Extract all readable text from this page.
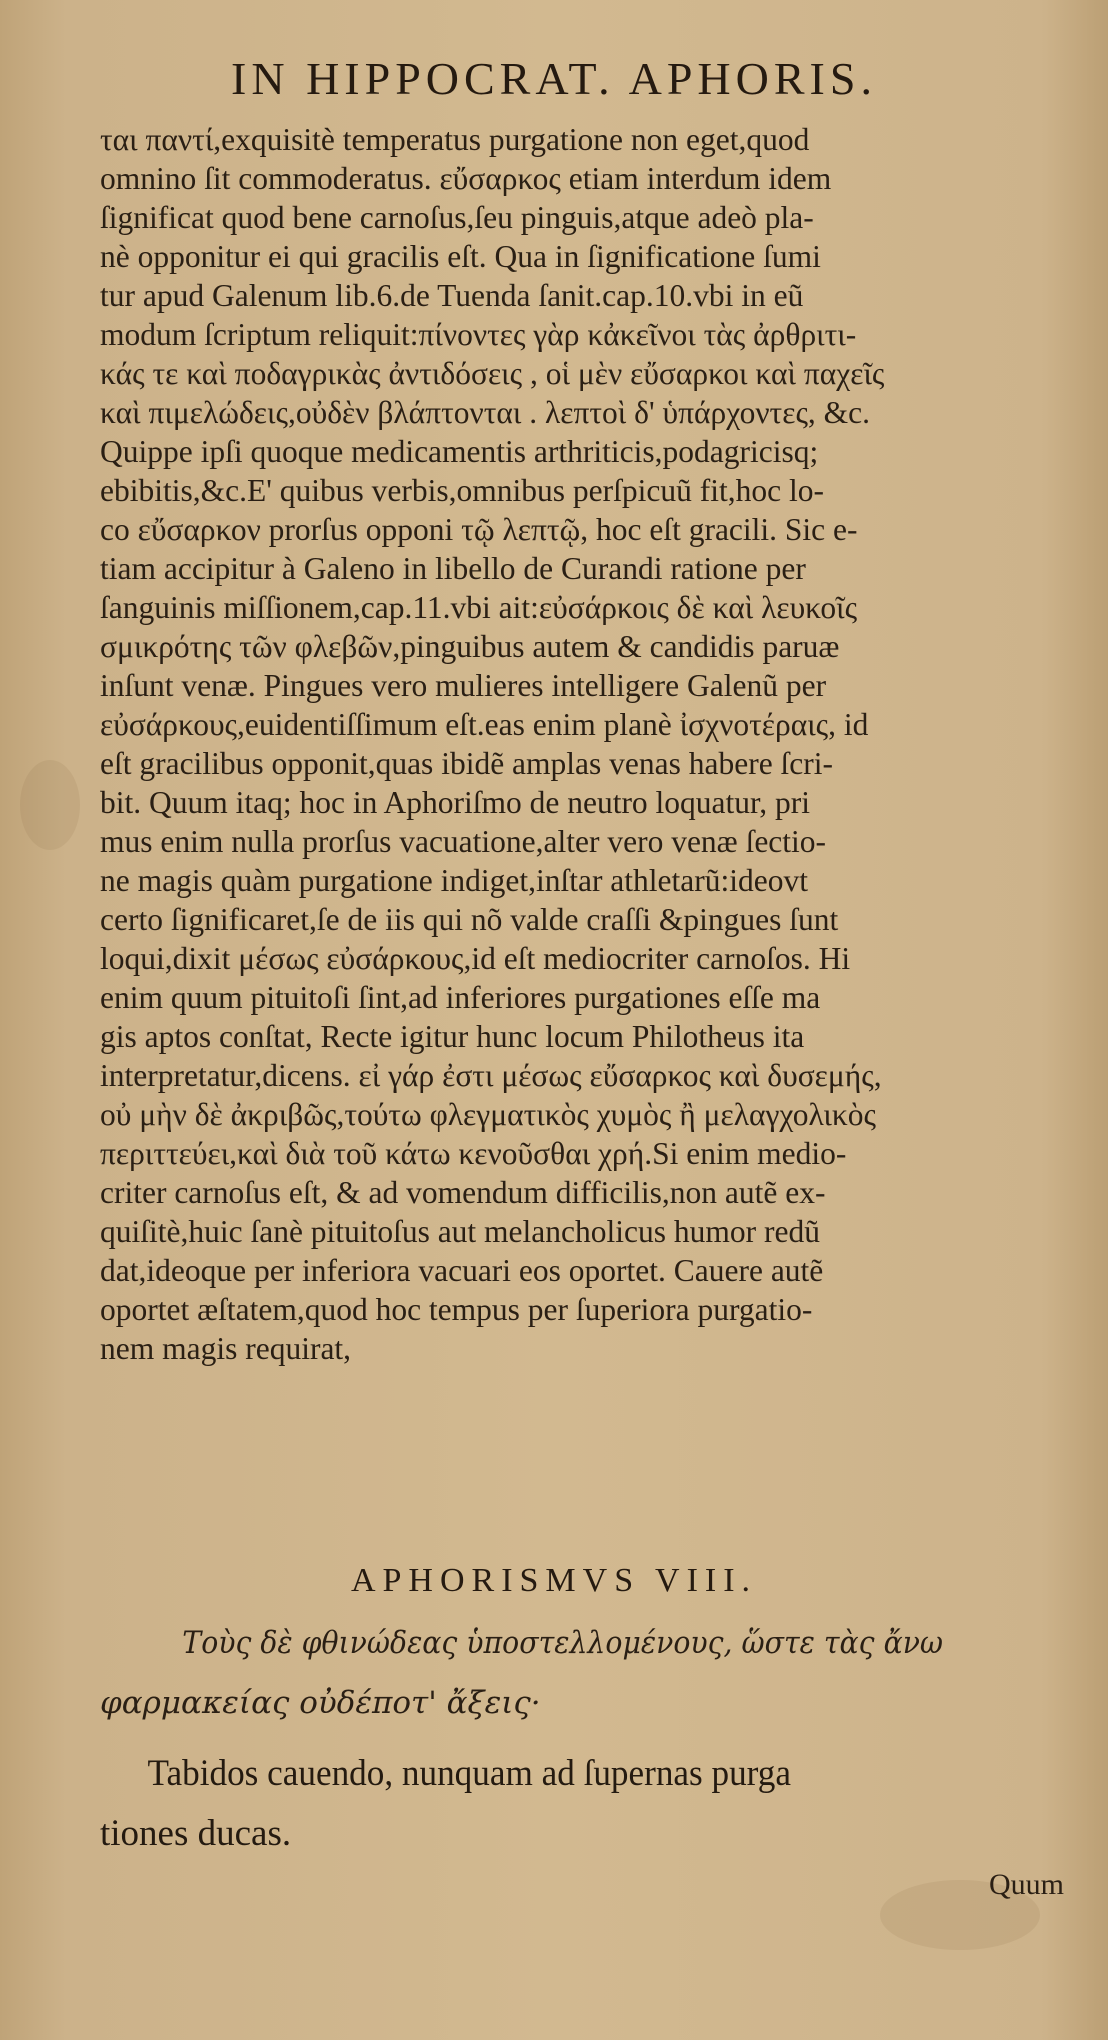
IN HIPPOCRAT. APHORIS.
ται παντί,exquisitè temperatus purgatione non eget,quod
omnino ſit commoderatus. εὔσαρκος etiam interdum idem
ſignificat quod bene carnoſus,ſeu pinguis,atque adeò pla-
nè opponitur ei qui gracilis eſt. Qua in ſignificatione ſumi
tur apud Galenum lib.6.de Tuenda ſanit.cap.10.vbi in eũ
modum ſcriptum reliquit:πίνοντες γὰρ κἀκεῖνοι τὰς ἀρθριτι-
κάς τε καὶ ποδαγρικὰς ἀντιδόσεις , οἱ μὲν εὔσαρκοι καὶ παχεῖς
καὶ πιμελώδεις,οὐδὲν βλάπτονται . λεπτοὶ δ' ὑπάρχοντες, &c.
Quippe ipſi quoque medicamentis arthriticis,podagricisq;
ebibitis,&c.E' quibus verbis,omnibus perſpicuũ fit,hoc lo-
co εὔσαρκον prorſus opponi τῷ λεπτῷ, hoc eſt gracili. Sic e-
tiam accipitur à Galeno in libello de Curandi ratione per
ſanguinis miſſionem,cap.11.vbi ait:εὐσάρκοις δὲ καὶ λευκοῖς
σμικρότης τῶν φλεβῶν,pinguibus autem & candidis paruæ
inſunt venæ. Pingues vero mulieres intelligere Galenũ per
εὐσάρκους,euidentiſſimum eſt.eas enim planè ἰσχνοτέραις, id
eſt gracilibus opponit,quas ibidẽ amplas venas habere ſcri-
bit. Quum itaq; hoc in Aphoriſmo de neutro loquatur, pri
mus enim nulla prorſus vacuatione,alter vero venæ ſectio-
ne magis quàm purgatione indiget,inſtar athletarũ:ideovt
certo ſignificaret,ſe de iis qui nõ valde craſſi &pingues ſunt
loqui,dixit μέσως εὐσάρκους,id eſt mediocriter carnoſos. Hi
enim quum pituitoſi ſint,ad inferiores purgationes eſſe ma
gis aptos conſtat, Recte igitur hunc locum Philotheus ita
interpretatur,dicens. εἰ γάρ ἐστι μέσως εὔσαρκος καὶ δυσεμής,
οὐ μὴν δὲ ἀκριβῶς,τούτω φλεγματικὸς χυμὸς ἢ μελαγχολικὸς
περιττεύει,καὶ διὰ τοῦ κάτω κενοῦσθαι χρή.Si enim medio-
criter carnoſus eſt, & ad vomendum difficilis,non autẽ ex-
quiſitè,huic ſanè pituitoſus aut melancholicus humor redũ
dat,ideoque per inferiora vacuari eos oportet. Cauere autẽ
oportet æſtatem,quod hoc tempus per ſuperiora purgatio-
nem magis requirat,
APHORISMVS VIII.
Τοὺς δὲ φθινώδεας ὑποστελλομένους, ὥστε τὰς ἄνω
φαρμακείας οὐδέποτ' ἄξεις·
Tabidos cauendo, nunquam ad ſupernas purga
tiones ducas.
Quum
